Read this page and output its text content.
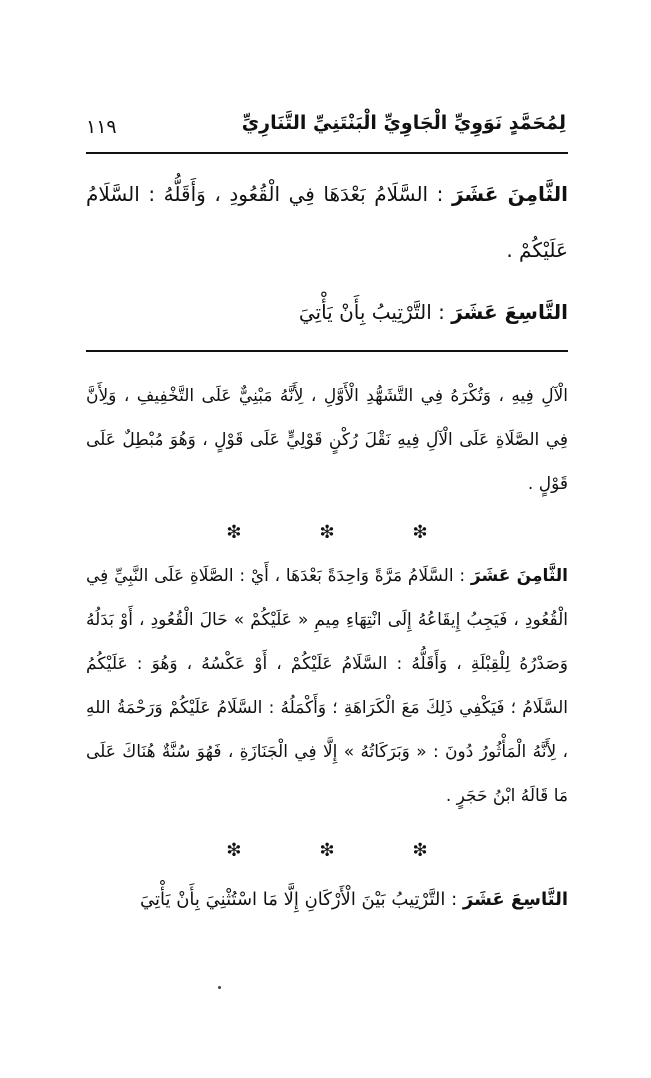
١١٩	لِمُحَمَّدٍ نَوَوِيِّ الْجَاوِيِّ الْبَنْتَنِيِّ التَّنَارِيِّ

الثَّامِنَ عَشَرَ : السَّلَامُ بَعْدَهَا فِي الْقُعُودِ ، وَأَقَلُّهُ : السَّلَامُ عَلَيْكُمْ .

التَّاسِعَ عَشَرَ : التَّرْتِيبُ بِأَنْ يَأْتِيَ

الْآلِ فِيهِ ، وَتُكْرَهُ فِي التَّشَهُّدِ الْأَوَّلِ ، لِأَنَّهُ مَبْنِيٌّ عَلَى التَّخْفِيفِ ، وَلِأَنَّ فِي الصَّلَاةِ عَلَى الْآلِ فِيهِ نَقْلَ رُكْنٍ قَوْلِيٍّ عَلَى قَوْلٍ ، وَهُوَ مُبْطِلٌ عَلَى قَوْلٍ .

❇	❇	❇

الثَّامِنَ عَشَرَ : السَّلَامُ مَرَّةً وَاحِدَةً بَعْدَهَا ، أَيْ : الصَّلَاةِ عَلَى النَّبِيِّ فِي الْقُعُودِ ، فَيَجِبُ إِيقَاعُهُ إِلَى انْتِهَاءِ مِيمِ « عَلَيْكُمْ » حَالَ الْقُعُودِ ، أَوْ بَدَلُهُ وَصَدْرُهُ لِلْقِبْلَةِ ، وَأَقَلُّهُ : السَّلَامُ عَلَيْكُمْ ، أَوْ عَكْسُهُ ، وَهُوَ : عَلَيْكُمُ السَّلَامُ ؛ فَيَكْفِي ذَلِكَ مَعَ الْكَرَاهَةِ ؛ وَأَكْمَلُهُ : السَّلَامُ عَلَيْكُمْ وَرَحْمَةُ اللهِ ، لِأَنَّهُ الْمَأْثُورُ دُونَ : « وَبَرَكَاتُهُ » إِلَّا فِي الْجَنَازَةِ ، فَهُوَ سُنَّةٌ هُنَاكَ عَلَى مَا قَالَهُ ابْنُ حَجَرٍ .

❇	❇	❇

التَّاسِعَ عَشَرَ : التَّرْتِيبُ بَيْنَ الْأَرْكَانِ إِلَّا مَا اسْتُثْنِيَ بِأَنْ يَأْتِيَ
